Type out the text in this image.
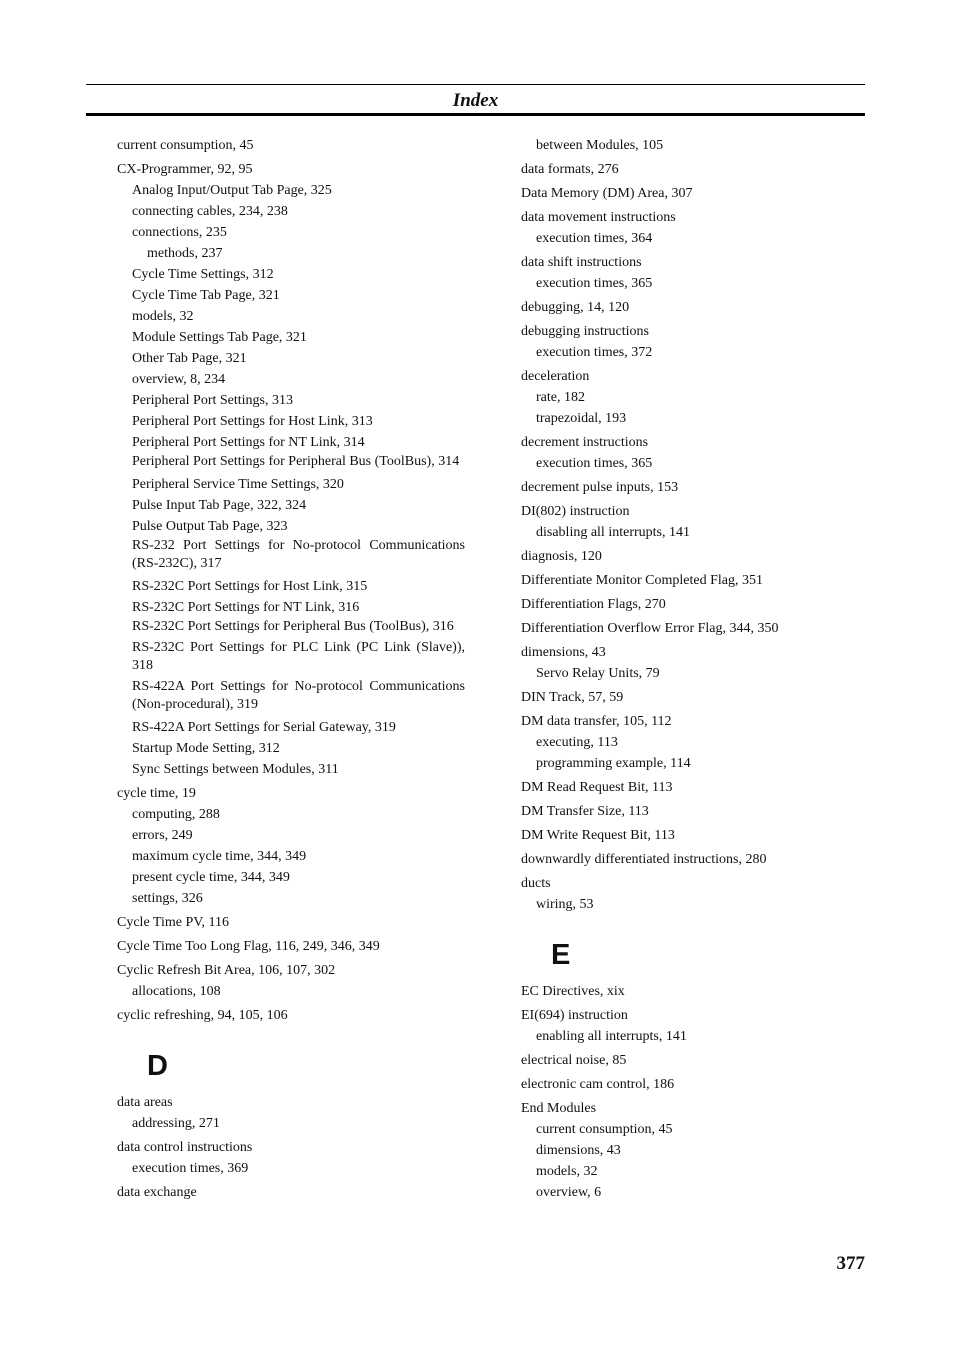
Index
current consumption, 45
CX-Programmer, 92, 95
Analog Input/Output Tab Page, 325
connecting cables, 234, 238
connections, 235
methods, 237
Cycle Time Settings, 312
Cycle Time Tab Page, 321
models, 32
Module Settings Tab Page, 321
Other Tab Page, 321
overview, 8, 234
Peripheral Port Settings, 313
Peripheral Port Settings for Host Link, 313
Peripheral Port Settings for NT Link, 314
Peripheral Port Settings for Peripheral Bus (ToolBus), 314
Peripheral Service Time Settings, 320
Pulse Input Tab Page, 322, 324
Pulse Output Tab Page, 323
RS-232 Port Settings for No-protocol Communications (RS-232C), 317
RS-232C Port Settings for Host Link, 315
RS-232C Port Settings for NT Link, 316
RS-232C Port Settings for Peripheral Bus (ToolBus), 316
RS-232C Port Settings for PLC Link (PC Link (Slave)), 318
RS-422A Port Settings for No-protocol Communications (Non-procedural), 319
RS-422A Port Settings for Serial Gateway, 319
Startup Mode Setting, 312
Sync Settings between Modules, 311
cycle time, 19
computing, 288
errors, 249
maximum cycle time, 344, 349
present cycle time, 344, 349
settings, 326
Cycle Time PV, 116
Cycle Time Too Long Flag, 116, 249, 346, 349
Cyclic Refresh Bit Area, 106, 107, 302
allocations, 108
cyclic refreshing, 94, 105, 106
D
data areas
addressing, 271
data control instructions
execution times, 369
data exchange
between Modules, 105
data formats, 276
Data Memory (DM) Area, 307
data movement instructions
execution times, 364
data shift instructions
execution times, 365
debugging, 14, 120
debugging instructions
execution times, 372
deceleration
rate, 182
trapezoidal, 193
decrement instructions
execution times, 365
decrement pulse inputs, 153
DI(802) instruction
disabling all interrupts, 141
diagnosis, 120
Differentiate Monitor Completed Flag, 351
Differentiation Flags, 270
Differentiation Overflow Error Flag, 344, 350
dimensions, 43
Servo Relay Units, 79
DIN Track, 57, 59
DM data transfer, 105, 112
executing, 113
programming example, 114
DM Read Request Bit, 113
DM Transfer Size, 113
DM Write Request Bit, 113
downwardly differentiated instructions, 280
ducts
wiring, 53
E
EC Directives, xix
EI(694) instruction
enabling all interrupts, 141
electrical noise, 85
electronic cam control, 186
End Modules
current consumption, 45
dimensions, 43
models, 32
overview, 6
377
